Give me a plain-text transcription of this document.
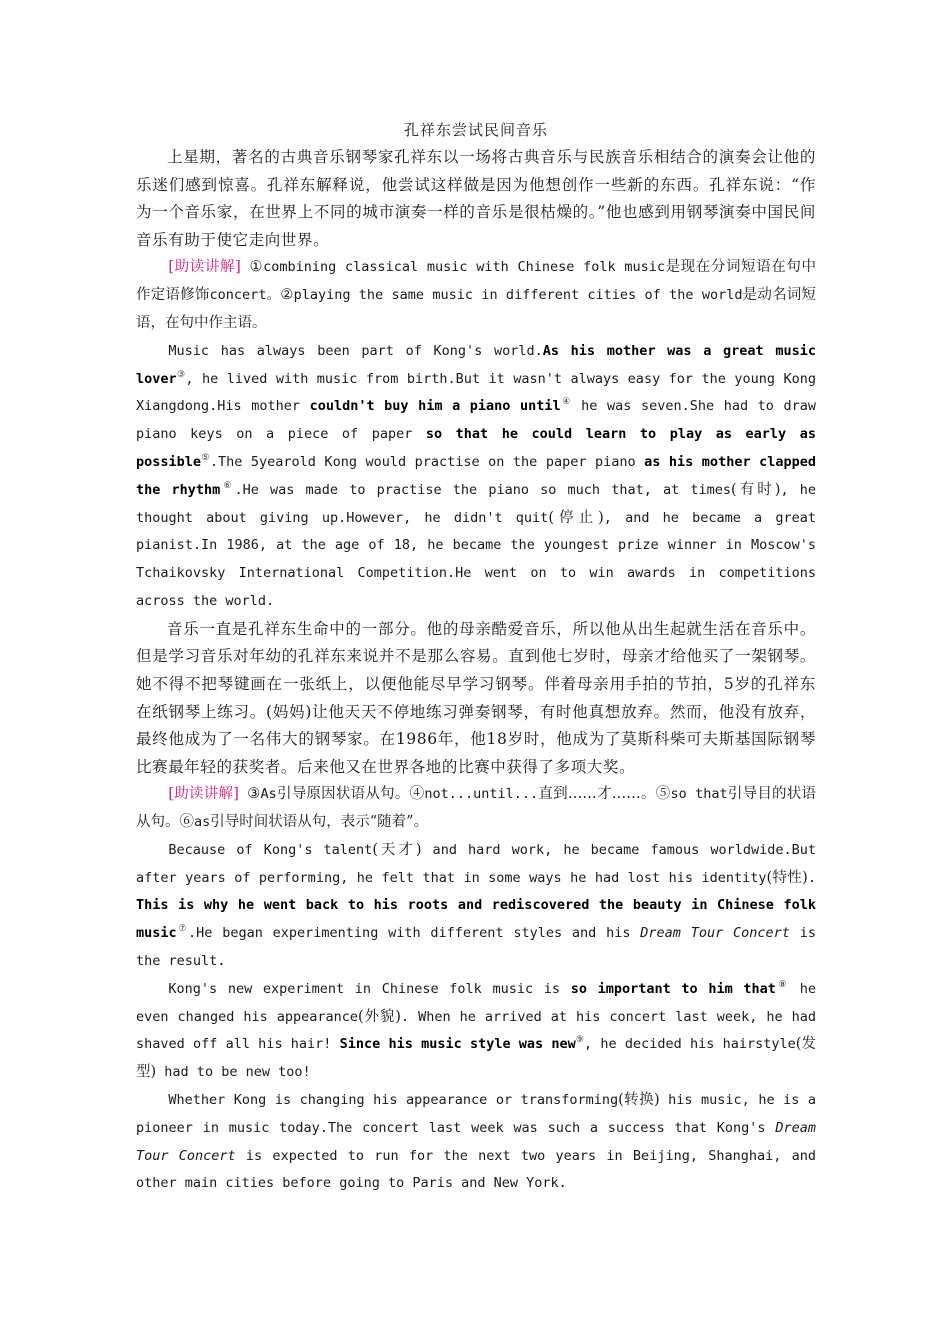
孔祥东尝试民间音乐

上星期，著名的古典音乐钢琴家孔祥东以一场将古典音乐与民族音乐相结合的演奏会让他的乐迷们感到惊喜。孔祥东解释说，他尝试这样做是因为他想创作一些新的东西。孔祥东说：“作为一个音乐家，在世界上不同的城市演奏一样的音乐是很枯燥的。”他也感到用钢琴演奏中国民间音乐有助于使它走向世界。

[助读讲解] ①combining classical music with Chinese folk music是现在分词短语在句中作定语修饰concert。②playing the same music in different cities of the world是动名词短语，在句中作主语。

Music has always been part of Kong's world.As his mother was a great music lover③, he lived with music from birth.But it wasn't always easy for the young Kong Xiangdong.His mother couldn't buy him a piano until④ he was seven.She had to draw piano keys on a piece of paper so that he could learn to play as early as possible⑤.The 5yearold Kong would practise on the paper piano as his mother clapped the rhythm⑥.He was made to practise the piano so much that, at times(有时), he thought about giving up.However, he didn't quit(停止), and he became a great pianist.In 1986, at the age of 18, he became the youngest prize winner in Moscow's Tchaikovsky International Competition.He went on to win awards in competitions across the world.

音乐一直是孔祥东生命中的一部分。他的母亲酷爱音乐，所以他从出生起就生活在音乐中。但是学习音乐对年幼的孔祥东来说并不是那么容易。直到他七岁时，母亲才给他买了一架钢琴。她不得不把琴键画在一张纸上，以便他能尽早学习钢琴。伴着母亲用手拍的节拍，5岁的孔祥东在纸钢琴上练习。(妈妈)让他天天不停地练习弹奏钢琴，有时他真想放弃。然而，他没有放弃，最终他成为了一名伟大的钢琴家。在1986年，他18岁时，他成为了莫斯科柴可夫斯基国际钢琴比赛最年轻的获奖者。后来他又在世界各地的比赛中获得了多项大奖。

[助读讲解] ③As引导原因状语从句。④not...until...直到……才……。⑤so that引导目的状语从句。⑥as引导时间状语从句，表示“随着”。

Because of Kong's talent(天才) and hard work, he became famous worldwide.But after years of performing, he felt that in some ways he had lost his identity(特性). This is why he went back to his roots and rediscovered the beauty in Chinese folk music⑦.He began experimenting with different styles and his Dream Tour Concert is the result.

Kong's new experiment in Chinese folk music is so important to him that⑧ he even changed his appearance(外貌). When he arrived at his concert last week, he had shaved off all his hair! Since his music style was new⑨, he decided his hairstyle(发型) had to be new too!

Whether Kong is changing his appearance or transforming(转换) his music, he is a pioneer in music today.The concert last week was such a success that Kong's Dream Tour Concert is expected to run for the next two years in Beijing, Shanghai, and other main cities before going to Paris and New York.
